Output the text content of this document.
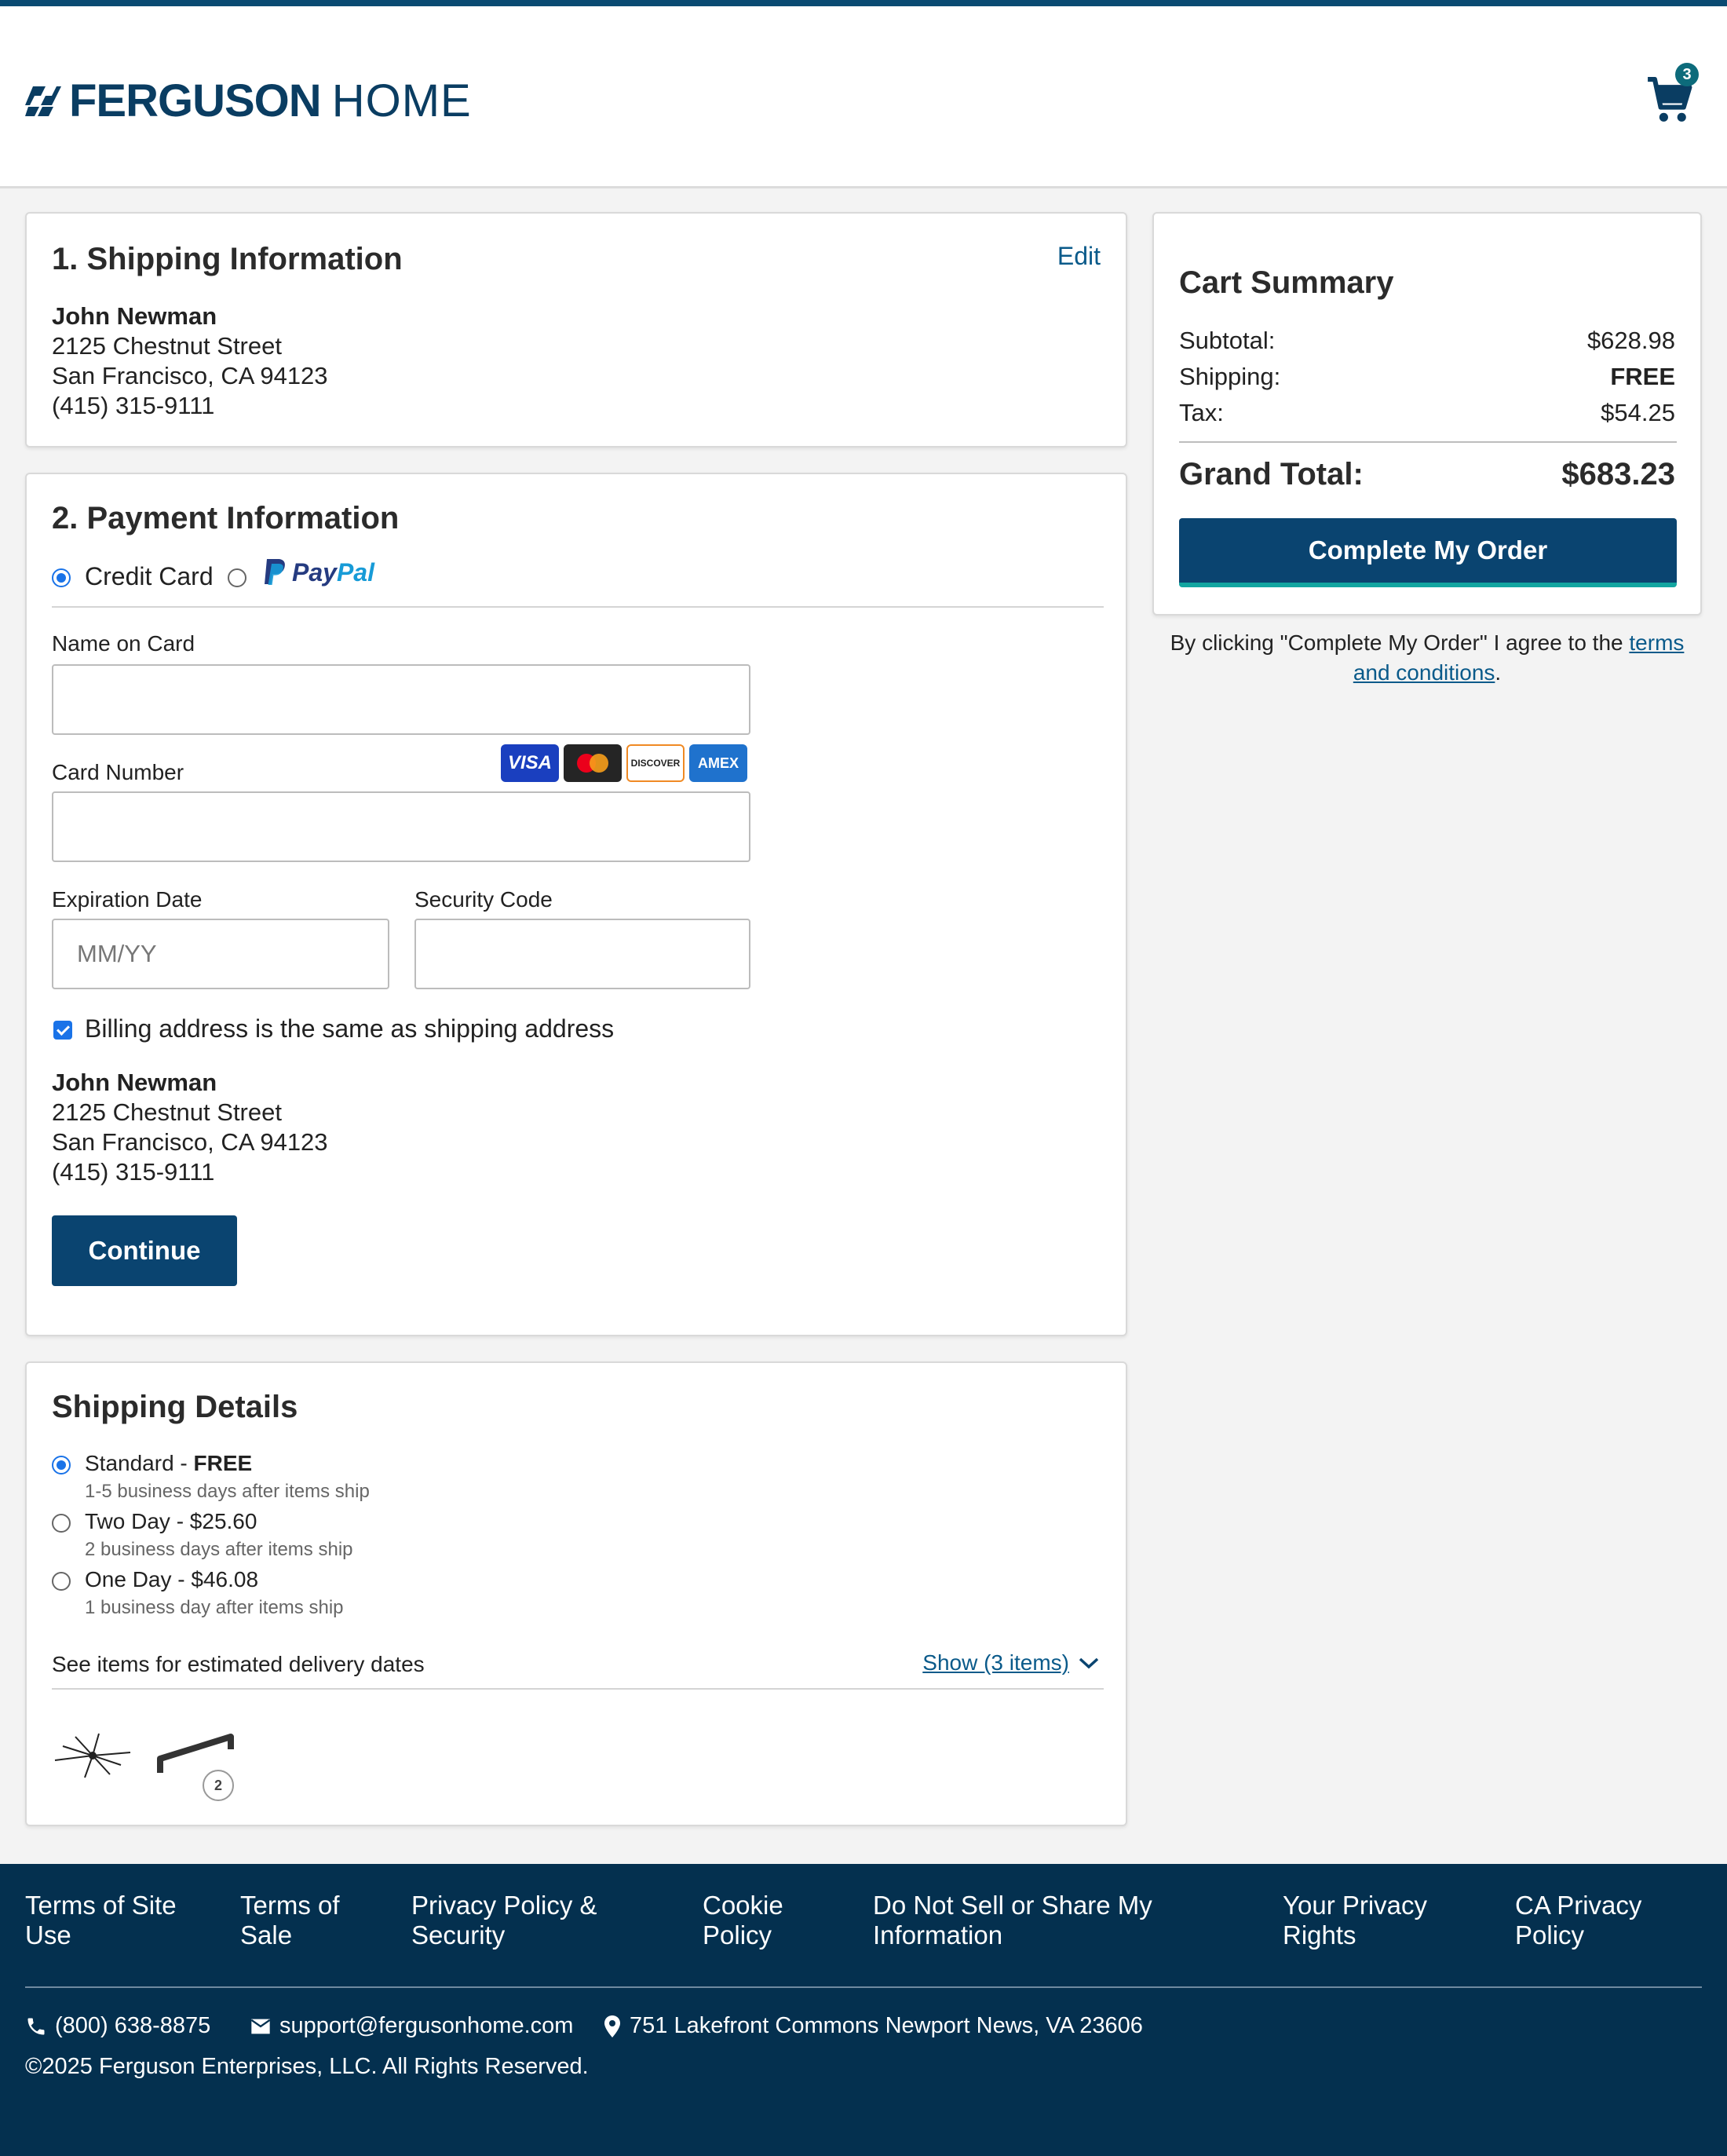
FERGUSON HOME
3
1. Shipping Information	Edit
John Newman
2125 Chestnut Street
San Francisco, CA 94123
(415) 315-9111
2. Payment Information
Credit Card	Pay Pal
Name on Card
Card Number
Expiration Date
MM/YY	Security Code
Billing address is the same as shipping address
John Newman
2125 Chestnut Street
San Francisco, CA 94123
(415) 315-9111
Continue
VISA	DISCOVER	AMEX
Shipping Details
Standard - FREE
1-5 business days after items ship
Two Day - $25.60
2 business days after items ship
One Day - $46.08
1 business day after items ship
See items for estimated delivery dates	Show (3 items)
2
Cart Summary
Subtotal:	$628.98
Shipping:	FREE
Tax:	$54.25
Grand Total:	$683.23
Complete My Order
By clicking "Complete My Order" I agree to the terms and conditions.
Terms of Site
Use
Terms of
Sale
Privacy Policy &
Security
Cookie
Policy
Do Not Sell or Share My
Information
Your Privacy
Rights
CA Privacy
Policy
(800) 638-8875	support@fergusonhome.com 751 Lakefront Commons Newport News, VA 23606
©2025 Ferguson Enterprises, LLC. All Rights Reserved.
